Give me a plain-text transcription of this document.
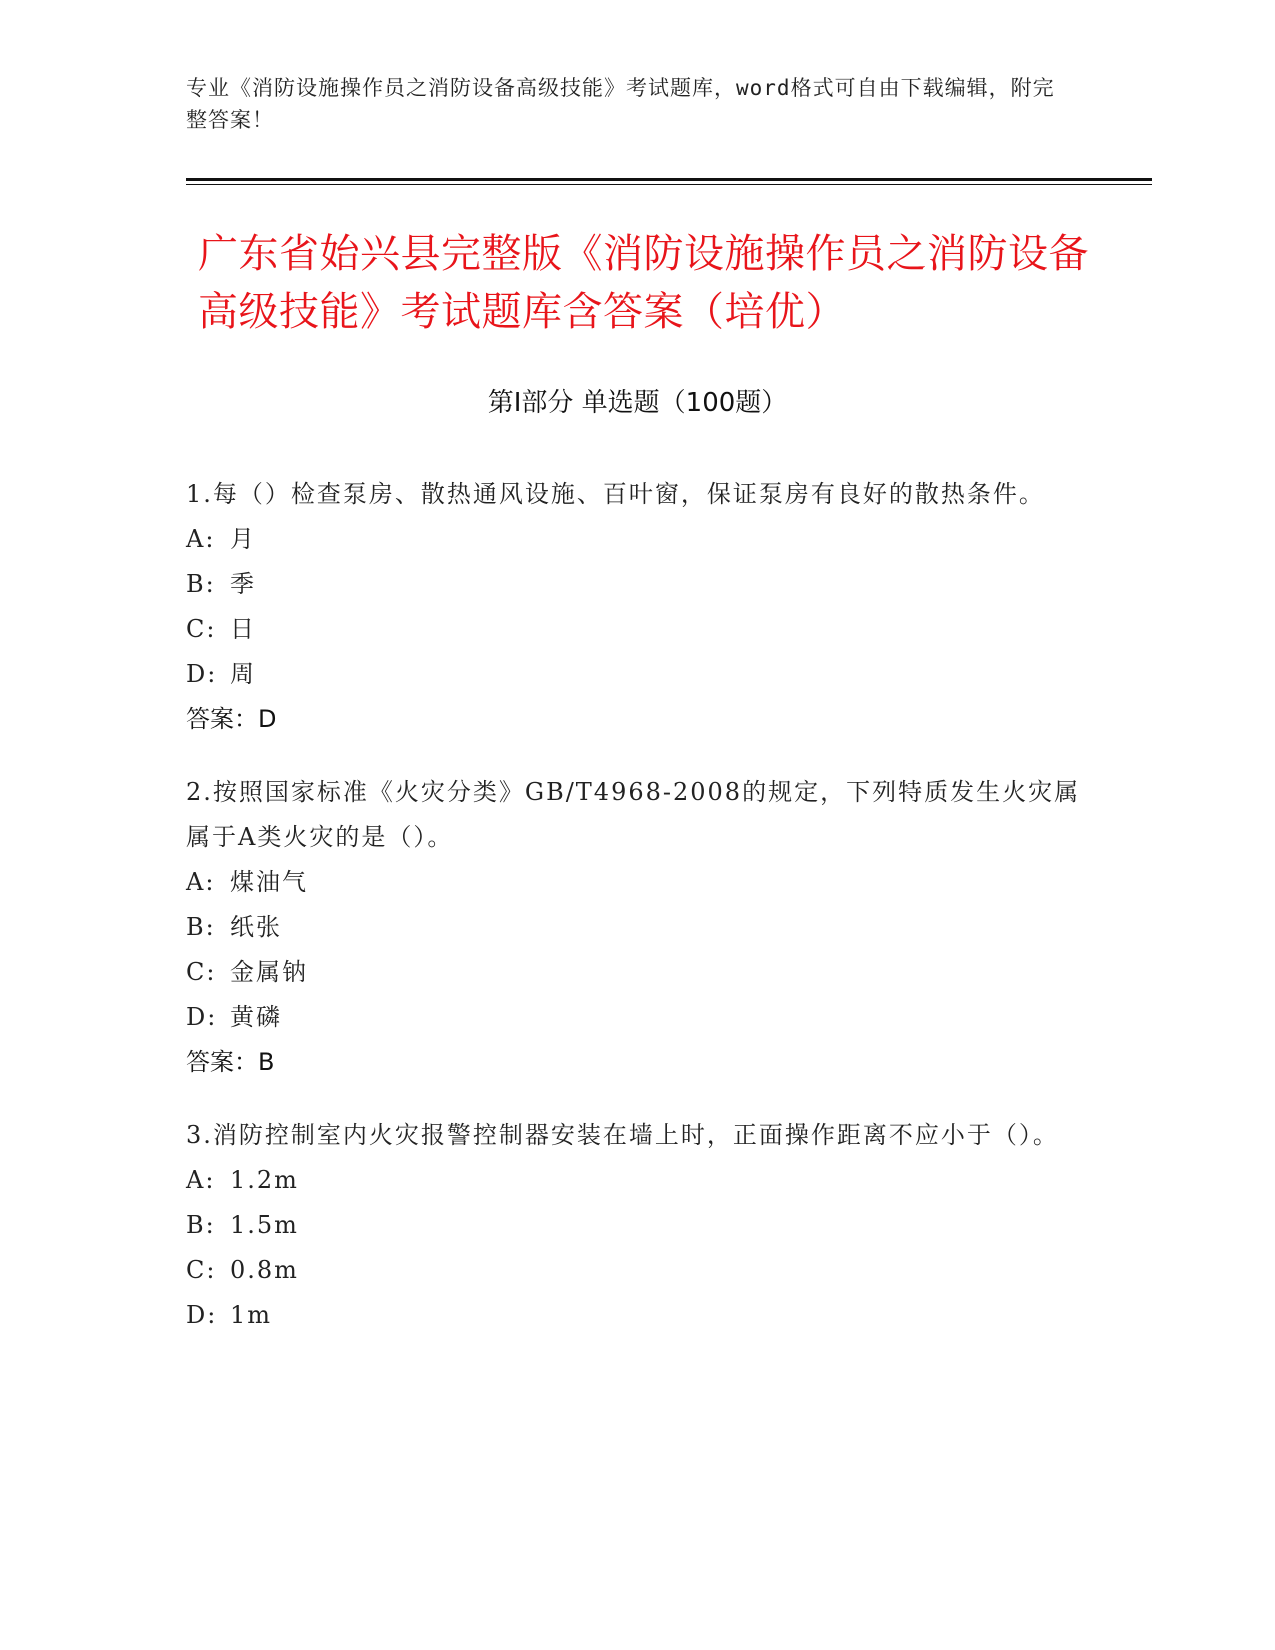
专业《消防设施操作员之消防设备高级技能》考试题库，word格式可自由下载编辑，附完整答案！
广东省始兴县完整版《消防设施操作员之消防设备高级技能》考试题库含答案（培优）
第Ⅰ部分 单选题（100题）
1.每（）检查泵房、散热通风设施、百叶窗，保证泵房有良好的散热条件。
A: 月
B: 季
C: 日
D: 周
答案：D
2.按照国家标准《火灾分类》GB/T4968-2008的规定，下列特质发生火灾属属于A类火灾的是（）。
A: 煤油气
B: 纸张
C: 金属钠
D: 黄磷
答案：B
3.消防控制室内火灾报警控制器安装在墙上时，正面操作距离不应小于（）。
A: 1.2m
B: 1.5m
C: 0.8m
D: 1m
